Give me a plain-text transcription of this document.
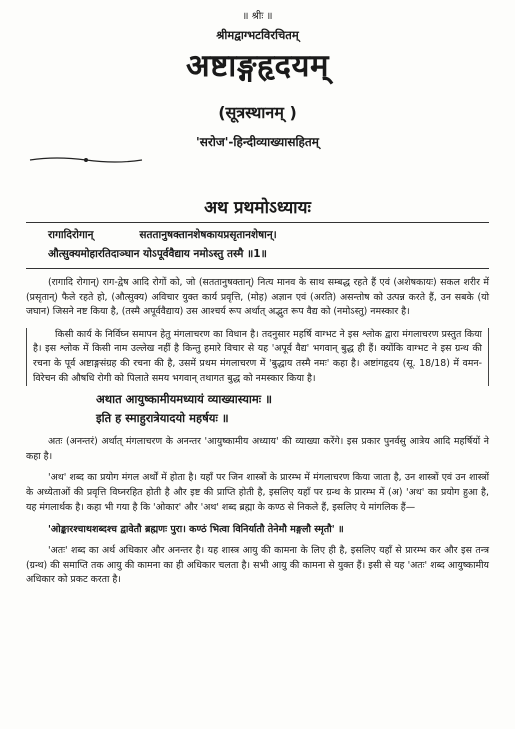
॥ श्रीः ॥
श्रीमद्वाग्भटविरचितम्
अष्टाङ्गहृदयम्
(सूत्रस्थानम् )
'सरोज'-हिन्दीव्याख्यासहितम्
अथ प्रथमोऽध्यायः
रागादिरोगान्	सततानुषक्तानशेषकायप्रसृतानशेषान्।
औत्सुक्यमोहारतिदाञ्घान योऽपूर्ववैद्याय नमोऽस्तु तस्मै ॥1॥

(रागादि रोगान्) राग-द्वेष आदि रोगों को, जो (सततानुषक्तान्) नित्य मानव के साथ सम्बद्ध रहते हैं एवं (अशेषकायः) सकल शरीर में (प्रसृतान्) फैले रहते हो, (औत्सुक्य) अविचार युक्त कार्य प्रवृत्ति, (मोह) अज्ञान एवं (अरति) असन्तोष को उत्पन्न करते हैं, उन सबके (यो जघान) जिसने नष्ट किया है, (तस्मै अपूर्ववैद्याय) उस आश्चर्य रूप अर्थात् अद्भुत रूप वैद्य को (नमोऽस्तु) नमस्कार है।

किसी कार्य के निर्विघ्न समापन हेतु मंगलाचरण का विधान है। तदनुसार महर्षि वाग्भट ने इस श्लोक द्वारा मंगलाचरण प्रस्तुत किया है। इस श्लोक में किसी नाम उल्लेख नहीं है किन्तु हमारे विचार से यह 'अपूर्व वैद्य' भगवान् बुद्ध ही हैं। क्योंकि वाग्भट ने इस ग्रन्थ की रचना के पूर्व अष्टाङ्गसंग्रह की रचना की है, उसमें प्रथम मंगलाचरण में 'बुद्धाय तस्मै नमः' कहा है। अष्टांगहृदय (सू. 18/18) में वमन-विरेचन की औषधि रोगी को पिलाते समय भगवान् तथागत बुद्ध को नमस्कार किया है।

अथात आयुष्कामीयमध्यायं व्याख्यास्यामः ॥
इति ह स्माहुरात्रेयादयो महर्षयः ॥

अतः (अनन्तरं) अर्थात् मंगलाचरण के अनन्तर 'आयुष्कामीय अध्याय' की व्याख्या करेंगे। इस प्रकार पुनर्वसु आत्रेय आदि महर्षियों ने कहा है।

'अथ' शब्द का प्रयोग मंगल अर्थों में होता है। यहाँ पर जिन शास्त्रों के प्रारम्भ में मंगलाचरण किया जाता है, उन शास्त्रों एवं उन शास्त्रों के अध्येताओं की प्रवृत्ति विघ्नरहित होती है और इष्ट की प्राप्ति होती है, इसलिए यहाँ पर ग्रन्थ के प्रारम्भ में (अ) 'अथ' का प्रयोग हुआ है, यह मंगलार्थक है। कहा भी गया है कि 'ओकार' और 'अथ' शब्द ब्रह्मा के कण्ठ से निकले हैं, इसलिए ये मांगलिक हैं—

'ओङ्कारश्चाथशब्दश्च द्वावेतौ ब्रह्मणः पुरा। कण्ठं भित्वा विनिर्यातौ तेनेमौ मङ्गलौ स्मृतौ' ॥

'अतः' शब्द का अर्थ अधिकार और अनन्तर है। यह शास्त्र आयु की कामना के लिए ही है, इसलिए यहाँ से प्रारम्भ कर और इस तन्त्र (ग्रन्थ) की समाप्ति तक आयु की कामना का ही अधिकार चलता है। सभी आयु की कामना से युक्त हैं। इसी से यह 'अतः' शब्द आयुष्कामीय अधिकार को प्रकट करता है।
